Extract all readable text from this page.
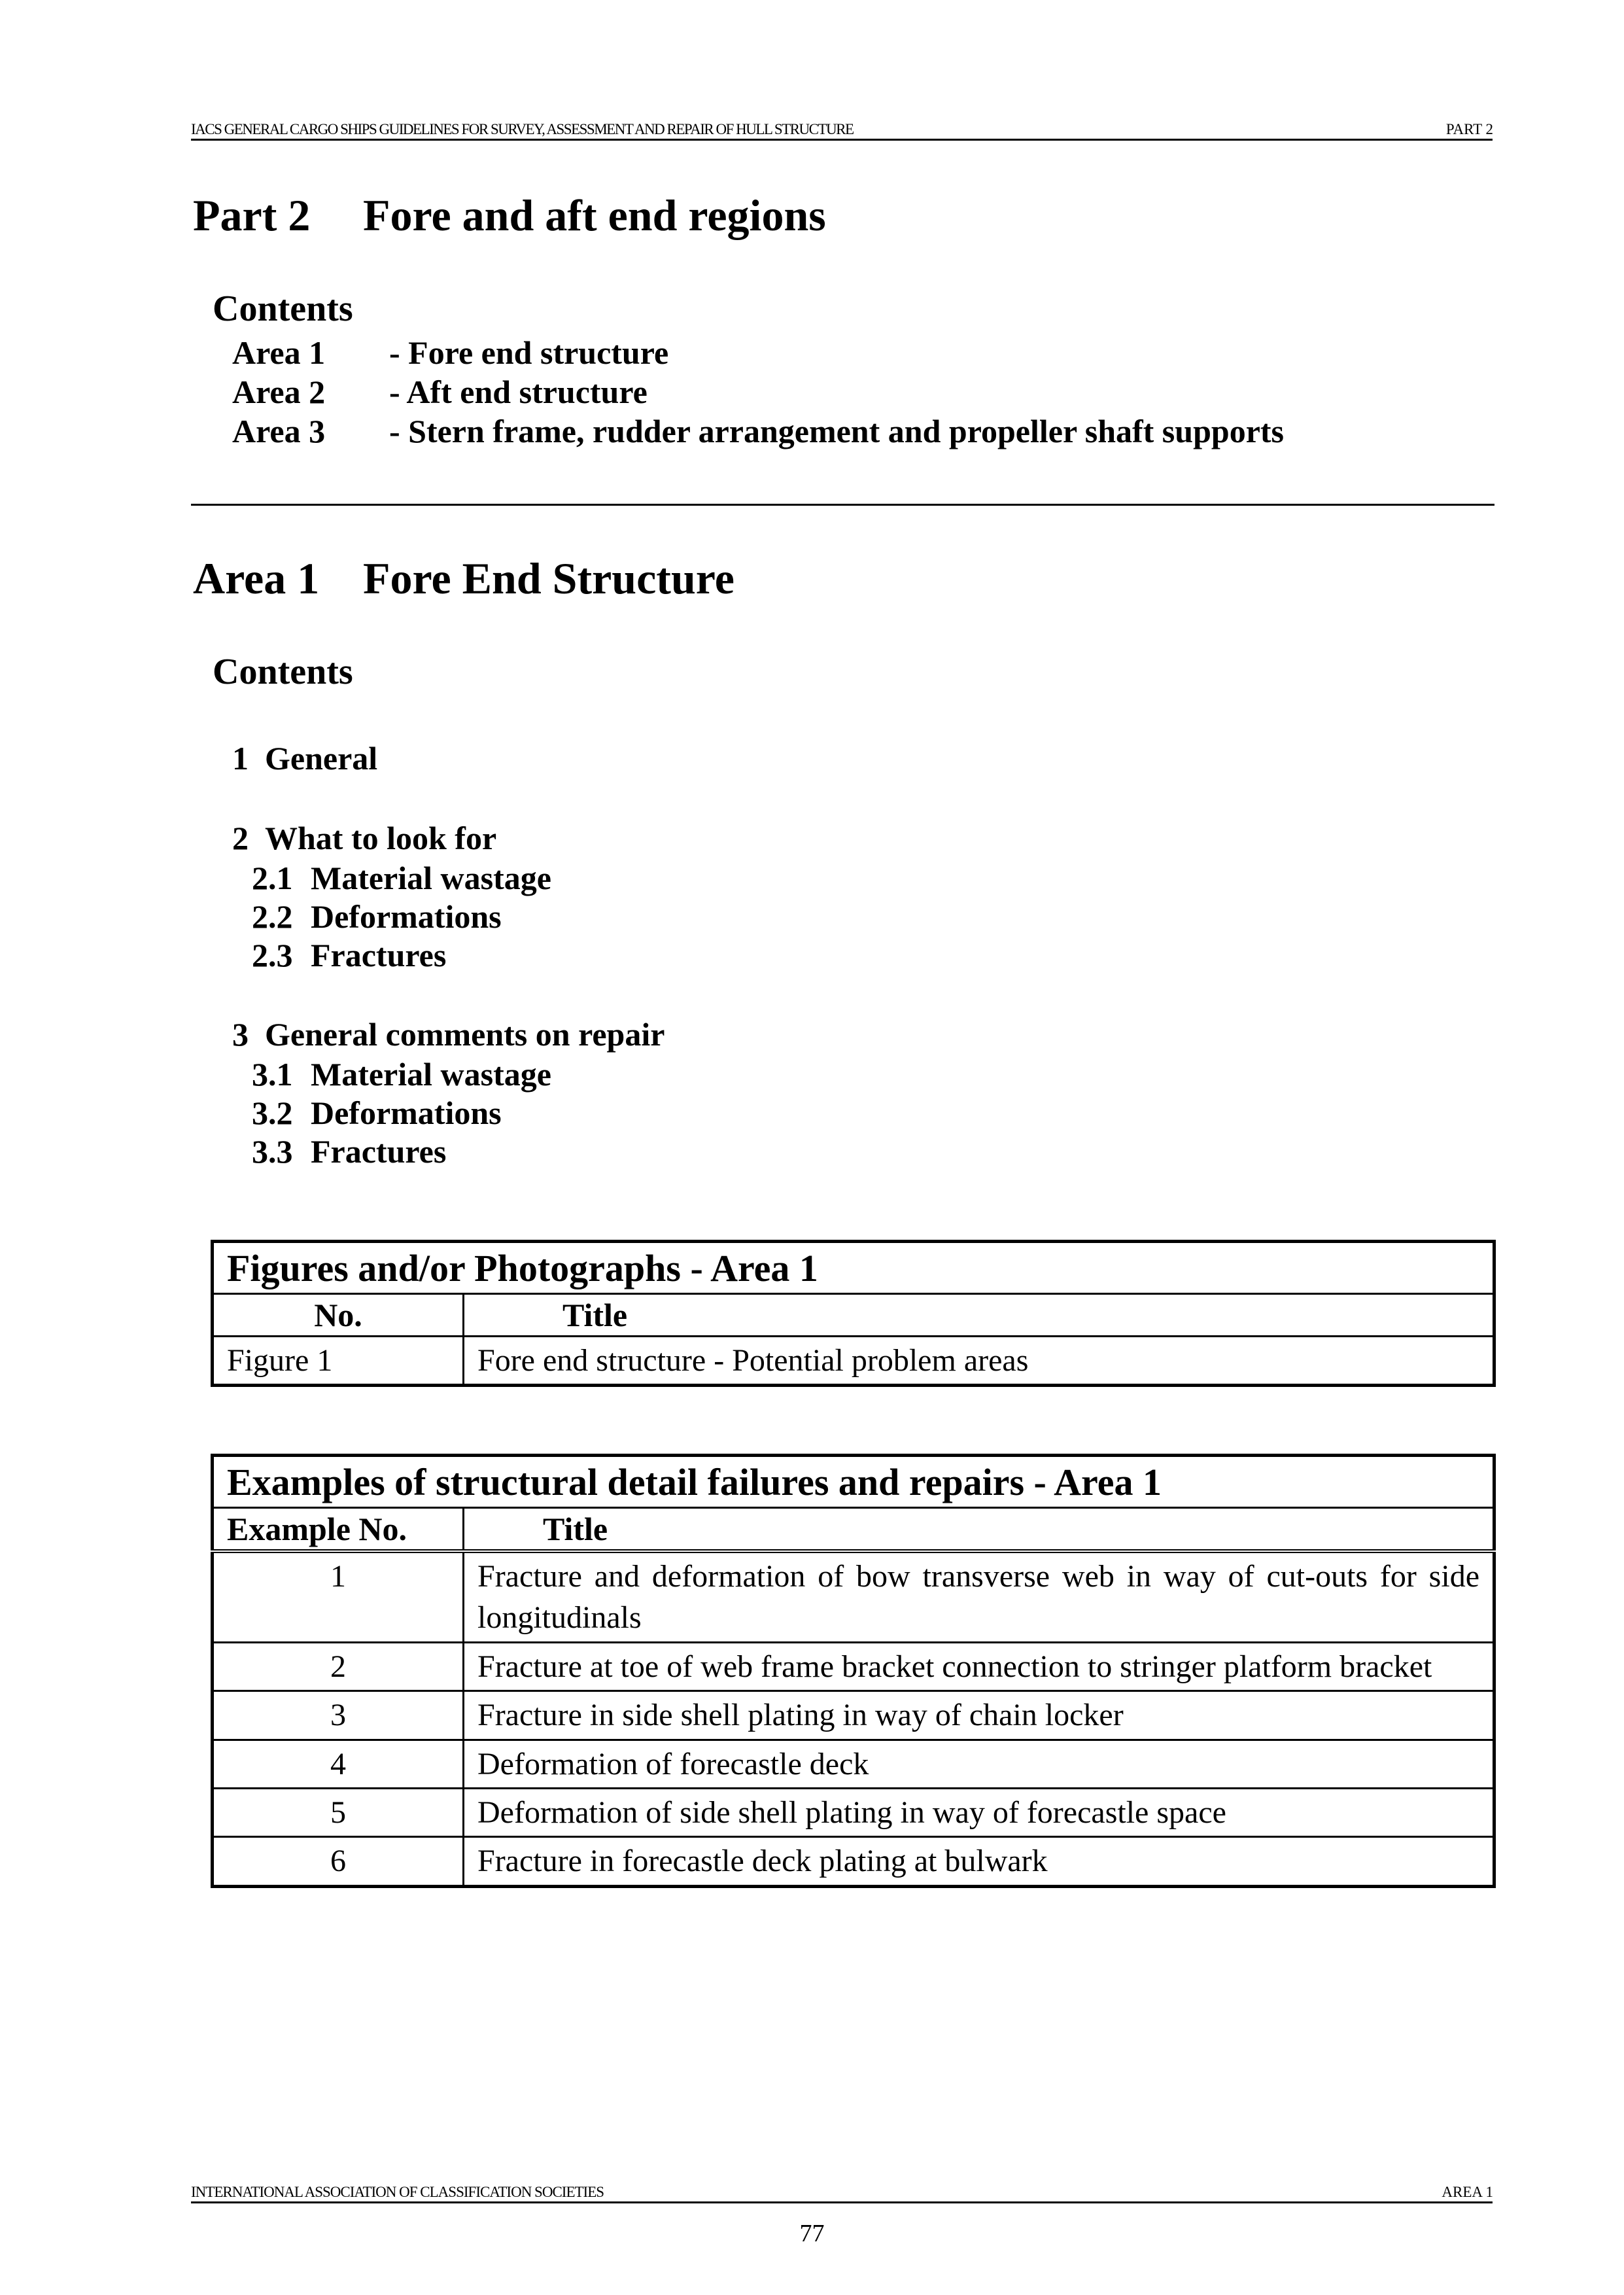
IACS GENERAL CARGO SHIPS GUIDELINES FOR SURVEY, ASSESSMENT AND REPAIR OF HULL STRUCTURE	PART 2
Part 2 Fore and aft end regions
Contents
Area 1 - Fore end structure
Area 2 - Aft end structure
Area 3 - Stern frame, rudder arrangement and propeller shaft supports
Area 1 Fore End Structure
Contents
1 General
2 What to look for
2.1 Material wastage
2.2 Deformations
2.3 Fractures
3 General comments on repair
3.1 Material wastage
3.2 Deformations
3.3 Fractures
Figures and/or Photographs - Area 1	
No.	Title
Figure 1	Fore end structure - Potential problem areas
Examples of structural detail failures and repairs - Area 1	
Example No.	Title
1	Fracture and deformation of bow transverse web in way of cut-outs for side longitudinals
2	Fracture at toe of web frame bracket connection to stringer platform bracket
3	Fracture in side shell plating in way of chain locker
4	Deformation of forecastle deck
5	Deformation of side shell plating in way of forecastle space
6	Fracture in forecastle deck plating at bulwark
INTERNATIONAL ASSOCIATION OF CLASSIFICATION SOCIETIES	AREA 1
77
